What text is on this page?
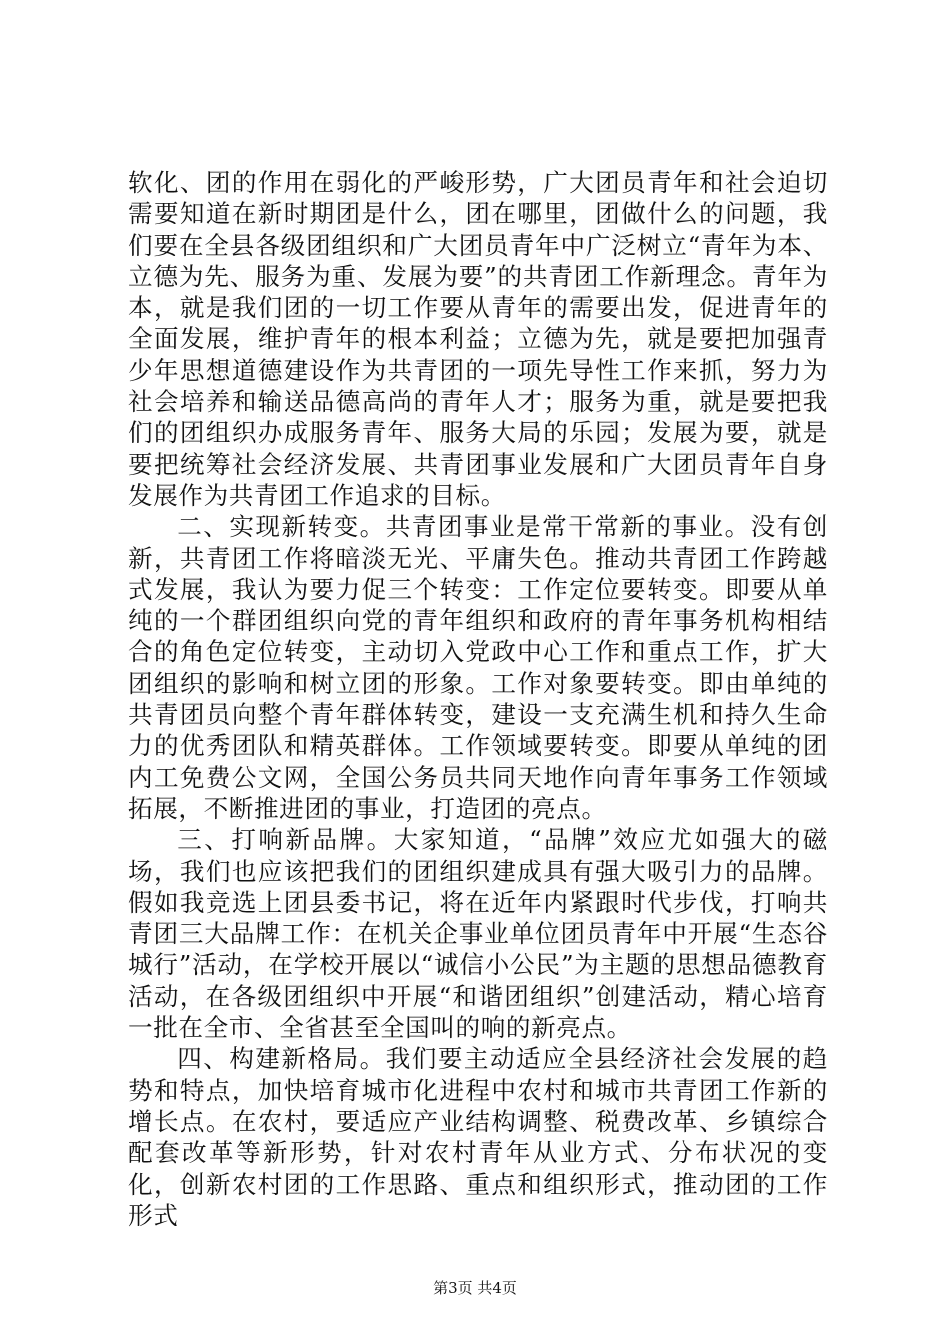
软化、团的作用在弱化的严峻形势，广大团员青年和社会迫切需要知道在新时期团是什么，团在哪里，团做什么的问题，我们要在全县各级团组织和广大团员青年中广泛树立“青年为本、立德为先、服务为重、发展为要”的共青团工作新理念。青年为本，就是我们团的一切工作要从青年的需要出发，促进青年的全面发展，维护青年的根本利益；立德为先，就是要把加强青少年思想道德建设作为共青团的一项先导性工作来抓，努力为社会培养和输送品德高尚的青年人才；服务为重，就是要把我们的团组织办成服务青年、服务大局的乐园；发展为要，就是要把统筹社会经济发展、共青团事业发展和广大团员青年自身发展作为共青团工作追求的目标。

二、实现新转变。共青团事业是常干常新的事业。没有创新，共青团工作将暗淡无光、平庸失色。推动共青团工作跨越式发展，我认为要力促三个转变：工作定位要转变。即要从单纯的一个群团组织向党的青年组织和政府的青年事务机构相结合的角色定位转变，主动切入党政中心工作和重点工作，扩大团组织的影响和树立团的形象。工作对象要转变。即由单纯的共青团员向整个青年群体转变，建设一支充满生机和持久生命力的优秀团队和精英群体。工作领域要转变。即要从单纯的团内工免费公文网，全国公务员共同天地作向青年事务工作领域拓展，不断推进团的事业，打造团的亮点。

三、打响新品牌。大家知道，“品牌”效应尤如强大的磁场，我们也应该把我们的团组织建成具有强大吸引力的品牌。假如我竞选上团县委书记，将在近年内紧跟时代步伐，打响共青团三大品牌工作：在机关企事业单位团员青年中开展“生态谷城行”活动，在学校开展以“诚信小公民”为主题的思想品德教育活动，在各级团组织中开展“和谐团组织”创建活动，精心培育一批在全市、全省甚至全国叫的响的新亮点。

四、构建新格局。我们要主动适应全县经济社会发展的趋势和特点，加快培育城市化进程中农村和城市共青团工作新的增长点。在农村，要适应产业结构调整、税费改革、乡镇综合配套改革等新形势，针对农村青年从业方式、分布状况的变化，创新农村团的工作思路、重点和组织形式，推动团的工作形式

第3页 共4页
